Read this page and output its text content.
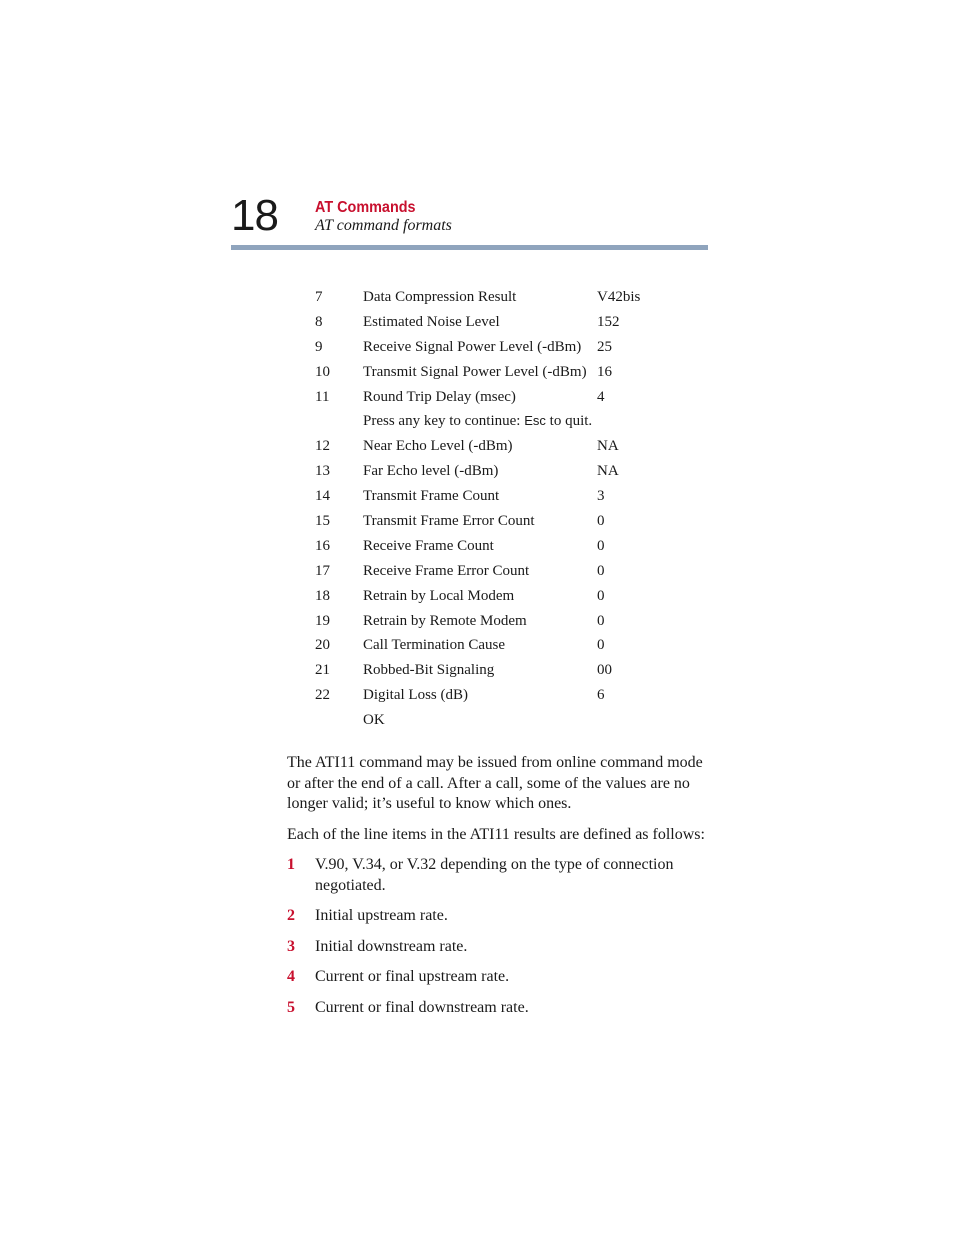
18 AT Commands
AT command formats
7	Data Compression Result	V42bis
8	Estimated Noise Level	152
9	Receive Signal Power Level (-dBm) 25
10 Transmit Signal Power Level (-dBm) 16
11 Round Trip Delay (msec)	4
Press any key to continue: Esc to quit.
12 Near Echo Level (-dBm)	NA
13 Far Echo level (-dBm)	NA
14 Transmit Frame Count	3
15 Transmit Frame Error Count	0
16 Receive Frame Count	0
17 Receive Frame Error Count	0
18 Retrain by Local Modem	0
19 Retrain by Remote Modem	0
20 Call Termination Cause	0
21 Robbed-Bit Signaling	00
22 Digital Loss (dB)	6
OK

The ATI11 command may be issued from online command mode or after the end of a call. After a call, some of the values are no longer valid; it’s useful to know which ones.

Each of the line items in the ATI11 results are defined as follows:

1 V.90, V.34, or V.32 depending on the type of connection negotiated.
2 Initial upstream rate.
3 Initial downstream rate.
4 Current or final upstream rate.
5 Current or final downstream rate.
